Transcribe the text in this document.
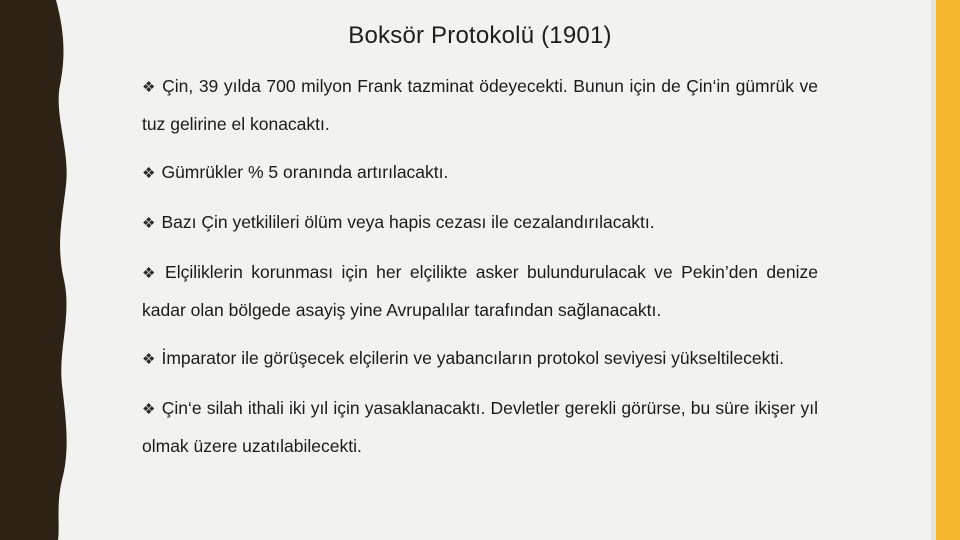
Boksör Protokolü (1901)
❖ Çin, 39 yılda 700 milyon Frank tazminat ödeyecekti. Bunun için de Çin‘in gümrük ve tuz gelirine el konacaktı.
❖ Gümrükler % 5 oranında artırılacaktı.
❖ Bazı Çin yetkilileri ölüm veya hapis cezası ile cezalandırılacaktı.
❖ Elçiliklerin korunması için her elçilikte asker bulundurulacak ve Pekin’den denize kadar olan bölgede asayiş yine Avrupalılar tarafından sağlanacaktı.
❖ İmparator ile görüşecek elçilerin ve yabancıların protokol seviyesi yükseltilecekti.
❖ Çin‘e silah ithali iki yıl için yasaklanacaktı. Devletler gerekli görürse, bu süre ikişer yıl olmak üzere uzatılabilecekti.
